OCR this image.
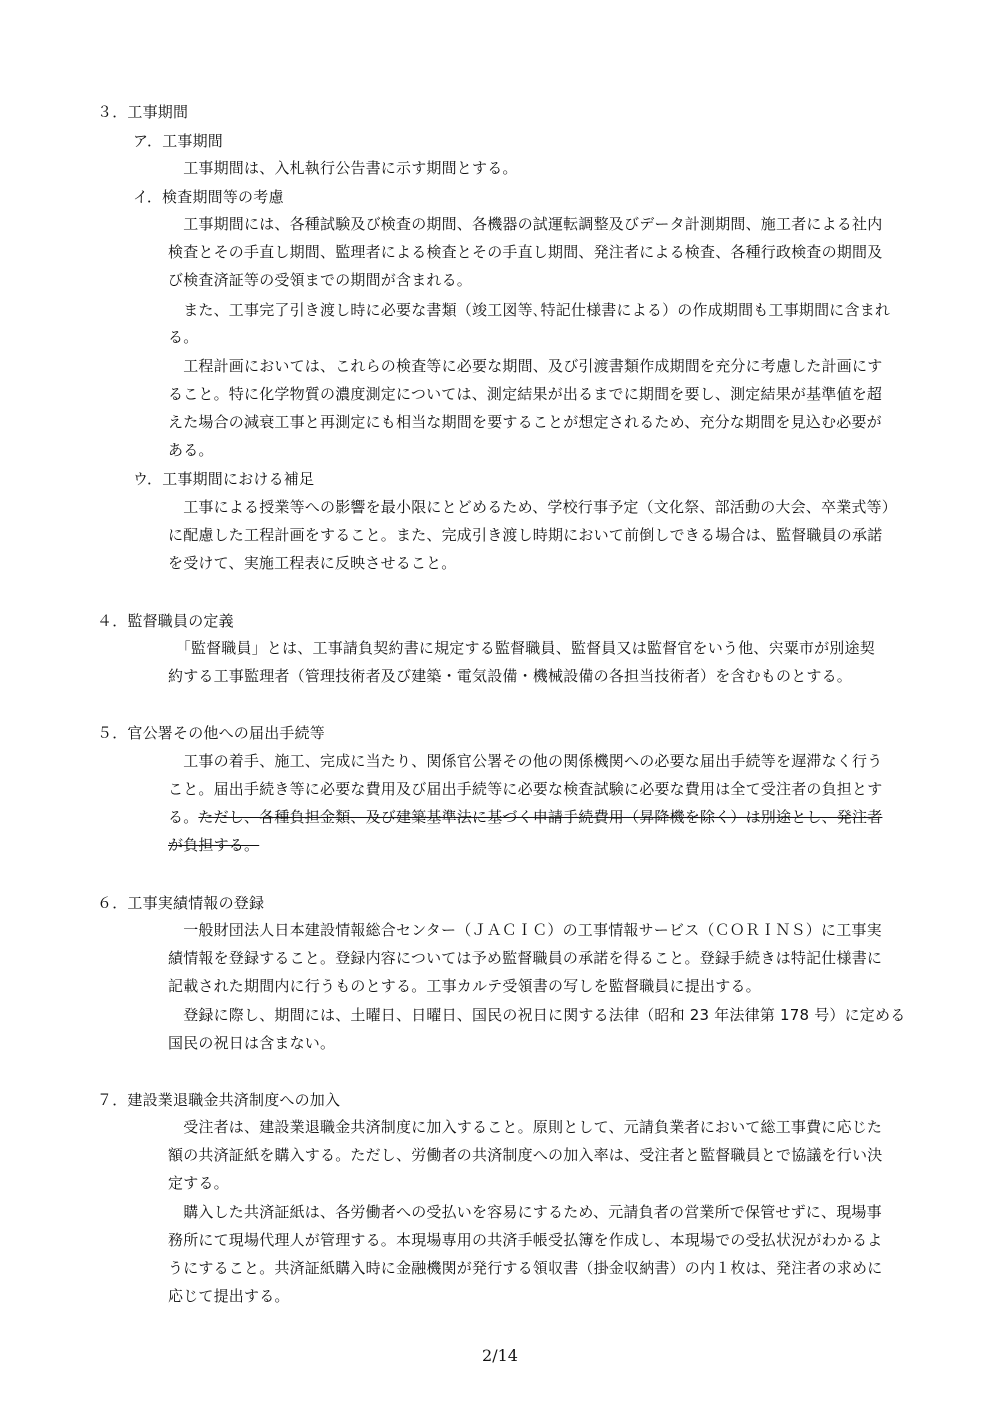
３．工事期間
ア．工事期間
　工事期間は、入札執行公告書に示す期間とする。
イ．検査期間等の考慮
　工事期間には、各種試験及び検査の期間、各機器の試運転調整及びデータ計測期間、施工者による社内
検査とその手直し期間、監理者による検査とその手直し期間、発注者による検査、各種行政検査の期間及
び検査済証等の受領までの期間が含まれる。
　また、工事完了引き渡し時に必要な書類（竣工図等､特記仕様書による）の作成期間も工事期間に含まれ
る。
　工程計画においては、これらの検査等に必要な期間、及び引渡書類作成期間を充分に考慮した計画にす
ること。特に化学物質の濃度測定については、測定結果が出るまでに期間を要し、測定結果が基準値を超
えた場合の減衰工事と再測定にも相当な期間を要することが想定されるため、充分な期間を見込む必要が
ある。
ウ．工事期間における補足
　工事による授業等への影響を最小限にとどめるため、学校行事予定（文化祭、部活動の大会、卒業式等）
に配慮した工程計画をすること。また、完成引き渡し時期において前倒しできる場合は、監督職員の承諾
を受けて、実施工程表に反映させること。
４．監督職員の定義
　「監督職員」とは、工事請負契約書に規定する監督職員、監督員又は監督官をいう他、宍粟市が別途契
約する工事監理者（管理技術者及び建築・電気設備・機械設備の各担当技術者）を含むものとする。
５．官公署その他への届出手続等
　工事の着手、施工、完成に当たり、関係官公署その他の関係機関への必要な届出手続等を遅滞なく行う
こと。届出手続き等に必要な費用及び届出手続等に必要な検査試験に必要な費用は全て受注者の負担とす
る。ただし、各種負担金類、及び建築基準法に基づく申請手続費用（昇降機を除く）は別途とし、発注者
が負担する。
６．工事実績情報の登録
　一般財団法人日本建設情報総合センター（ＪＡＣＩＣ）の工事情報サービス（ＣＯＲＩＮＳ）に工事実
績情報を登録すること。登録内容については予め監督職員の承諾を得ること。登録手続きは特記仕様書に
記載された期間内に行うものとする。工事カルテ受領書の写しを監督職員に提出する。
　登録に際し、期間には、土曜日、日曜日、国民の祝日に関する法律（昭和 23 年法律第 178 号）に定める
国民の祝日は含まない。
７．建設業退職金共済制度への加入
　受注者は、建設業退職金共済制度に加入すること。原則として、元請負業者において総工事費に応じた
額の共済証紙を購入する。ただし、労働者の共済制度への加入率は、受注者と監督職員とで協議を行い決
定する。
　購入した共済証紙は、各労働者への受払いを容易にするため、元請負者の営業所で保管せずに、現場事
務所にて現場代理人が管理する。本現場専用の共済手帳受払簿を作成し、本現場での受払状況がわかるよ
うにすること。共済証紙購入時に金融機関が発行する領収書（掛金収納書）の内１枚は、発注者の求めに
応じて提出する。
2/14
